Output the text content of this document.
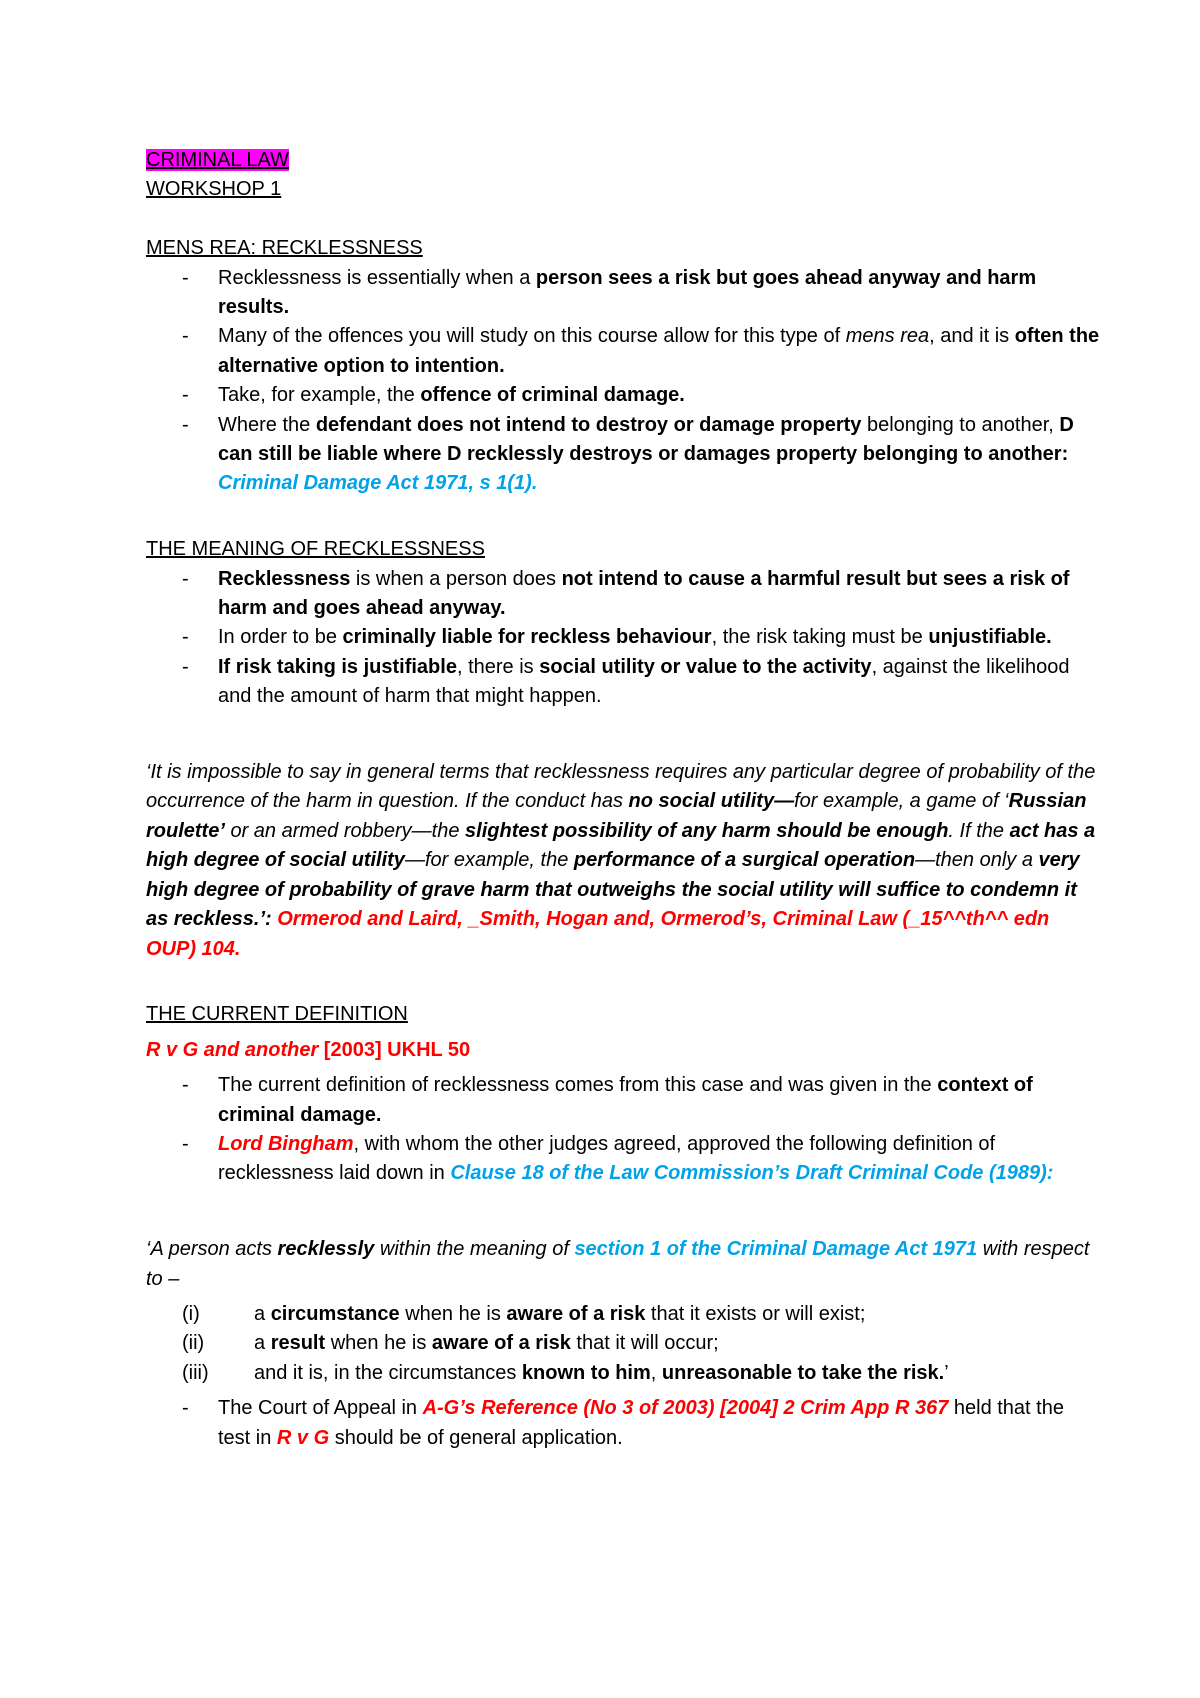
CRIMINAL LAW
WORKSHOP 1
MENS REA: RECKLESSNESS
- Recklessness is essentially when a person sees a risk but goes ahead anyway and harm results.
- Many of the offences you will study on this course allow for this type of mens rea, and it is often the alternative option to intention.
- Take, for example, the offence of criminal damage.
- Where the defendant does not intend to destroy or damage property belonging to another, D can still be liable where D recklessly destroys or damages property belonging to another: Criminal Damage Act 1971, s 1(1).
THE MEANING OF RECKLESSNESS
- Recklessness is when a person does not intend to cause a harmful result but sees a risk of harm and goes ahead anyway.
- In order to be criminally liable for reckless behaviour, the risk taking must be unjustifiable.
- If risk taking is justifiable, there is social utility or value to the activity, against the likelihood and the amount of harm that might happen.
‘It is impossible to say in general terms that recklessness requires any particular degree of probability of the occurrence of the harm in question. If the conduct has no social utility—for example, a game of ‘Russian roulette’ or an armed robbery—the slightest possibility of any harm should be enough. If the act has a high degree of social utility—for example, the performance of a surgical operation—then only a very high degree of probability of grave harm that outweighs the social utility will suffice to condemn it as reckless.’: Ormerod and Laird, _Smith, Hogan and, Ormerod’s, Criminal Law (_15^^th^^ edn OUP) 104.
THE CURRENT DEFINITION
R v G and another [2003] UKHL 50
- The current definition of recklessness comes from this case and was given in the context of criminal damage.
- Lord Bingham, with whom the other judges agreed, approved the following definition of recklessness laid down in Clause 18 of the Law Commission’s Draft Criminal Code (1989):
‘A person acts recklessly within the meaning of section 1 of the Criminal Damage Act 1971 with respect to –
(i)	a circumstance when he is aware of a risk that it exists or will exist;
(ii) a result when he is aware of a risk that it will occur;
(iii) and it is, in the circumstances known to him, unreasonable to take the risk.’
- The Court of Appeal in A-G’s Reference (No 3 of 2003) [2004] 2 Crim App R 367 held that the test in R v G should be of general application.
